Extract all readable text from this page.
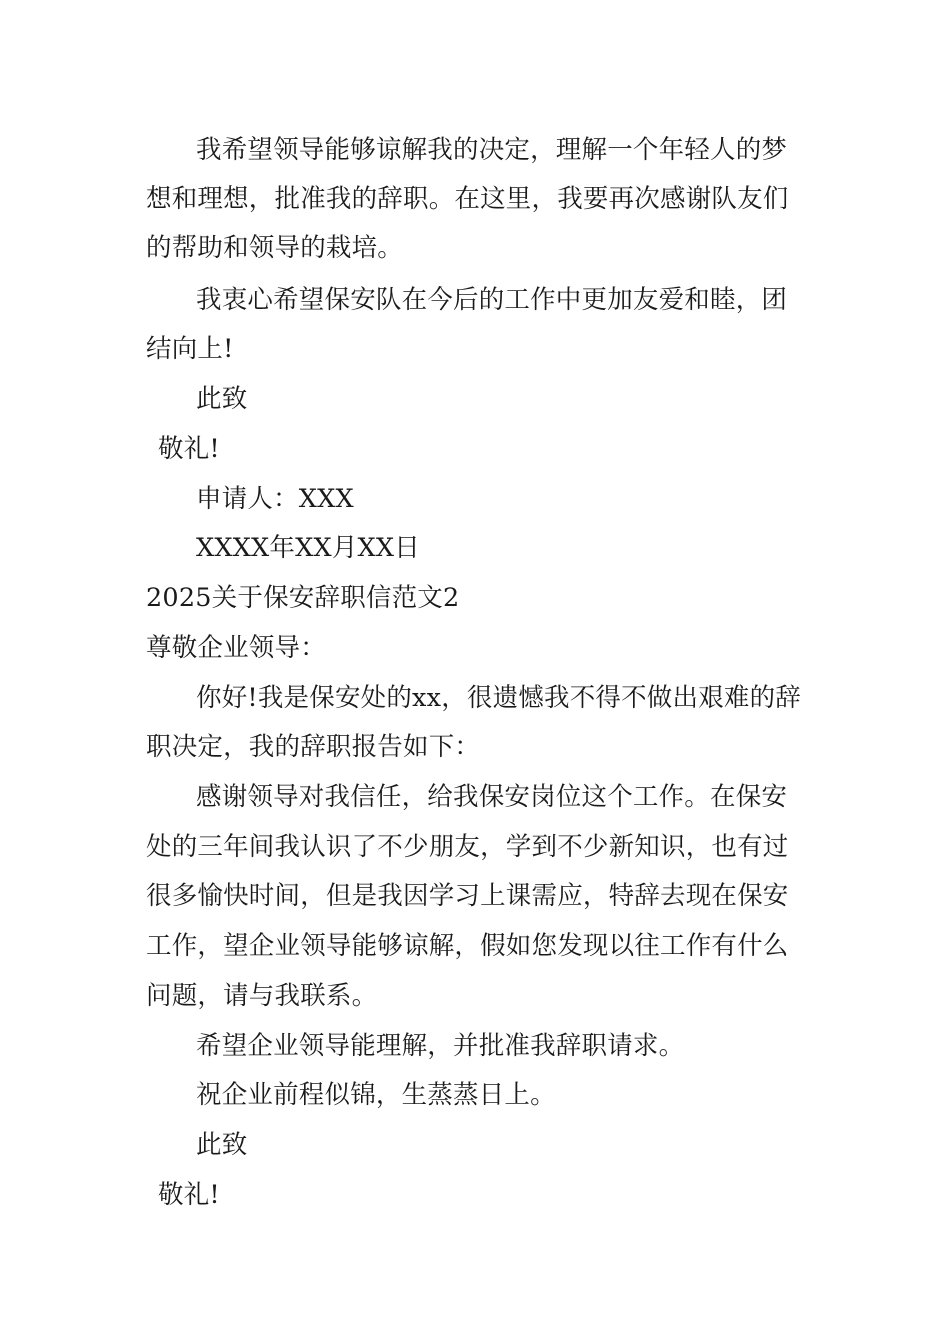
我希望领导能够谅解我的决定，理解一个年轻人的梦
想和理想，批准我的辞职。在这里，我要再次感谢队友们
的帮助和领导的栽培。
我衷心希望保安队在今后的工作中更加友爱和睦，团
结向上!
此致
敬礼!
申请人：XXX
XXXX年XX月XX日
2025关于保安辞职信范文2
尊敬企业领导：
你好!我是保安处的xx，很遗憾我不得不做出艰难的辞
职决定，我的辞职报告如下：
感谢领导对我信任，给我保安岗位这个工作。在保安
处的三年间我认识了不少朋友，学到不少新知识，也有过
很多愉快时间，但是我因学习上课需应，特辞去现在保安
工作，望企业领导能够谅解，假如您发现以往工作有什么
问题，请与我联系。
希望企业领导能理解，并批准我辞职请求。
祝企业前程似锦，生蒸蒸日上。
此致
敬礼!
